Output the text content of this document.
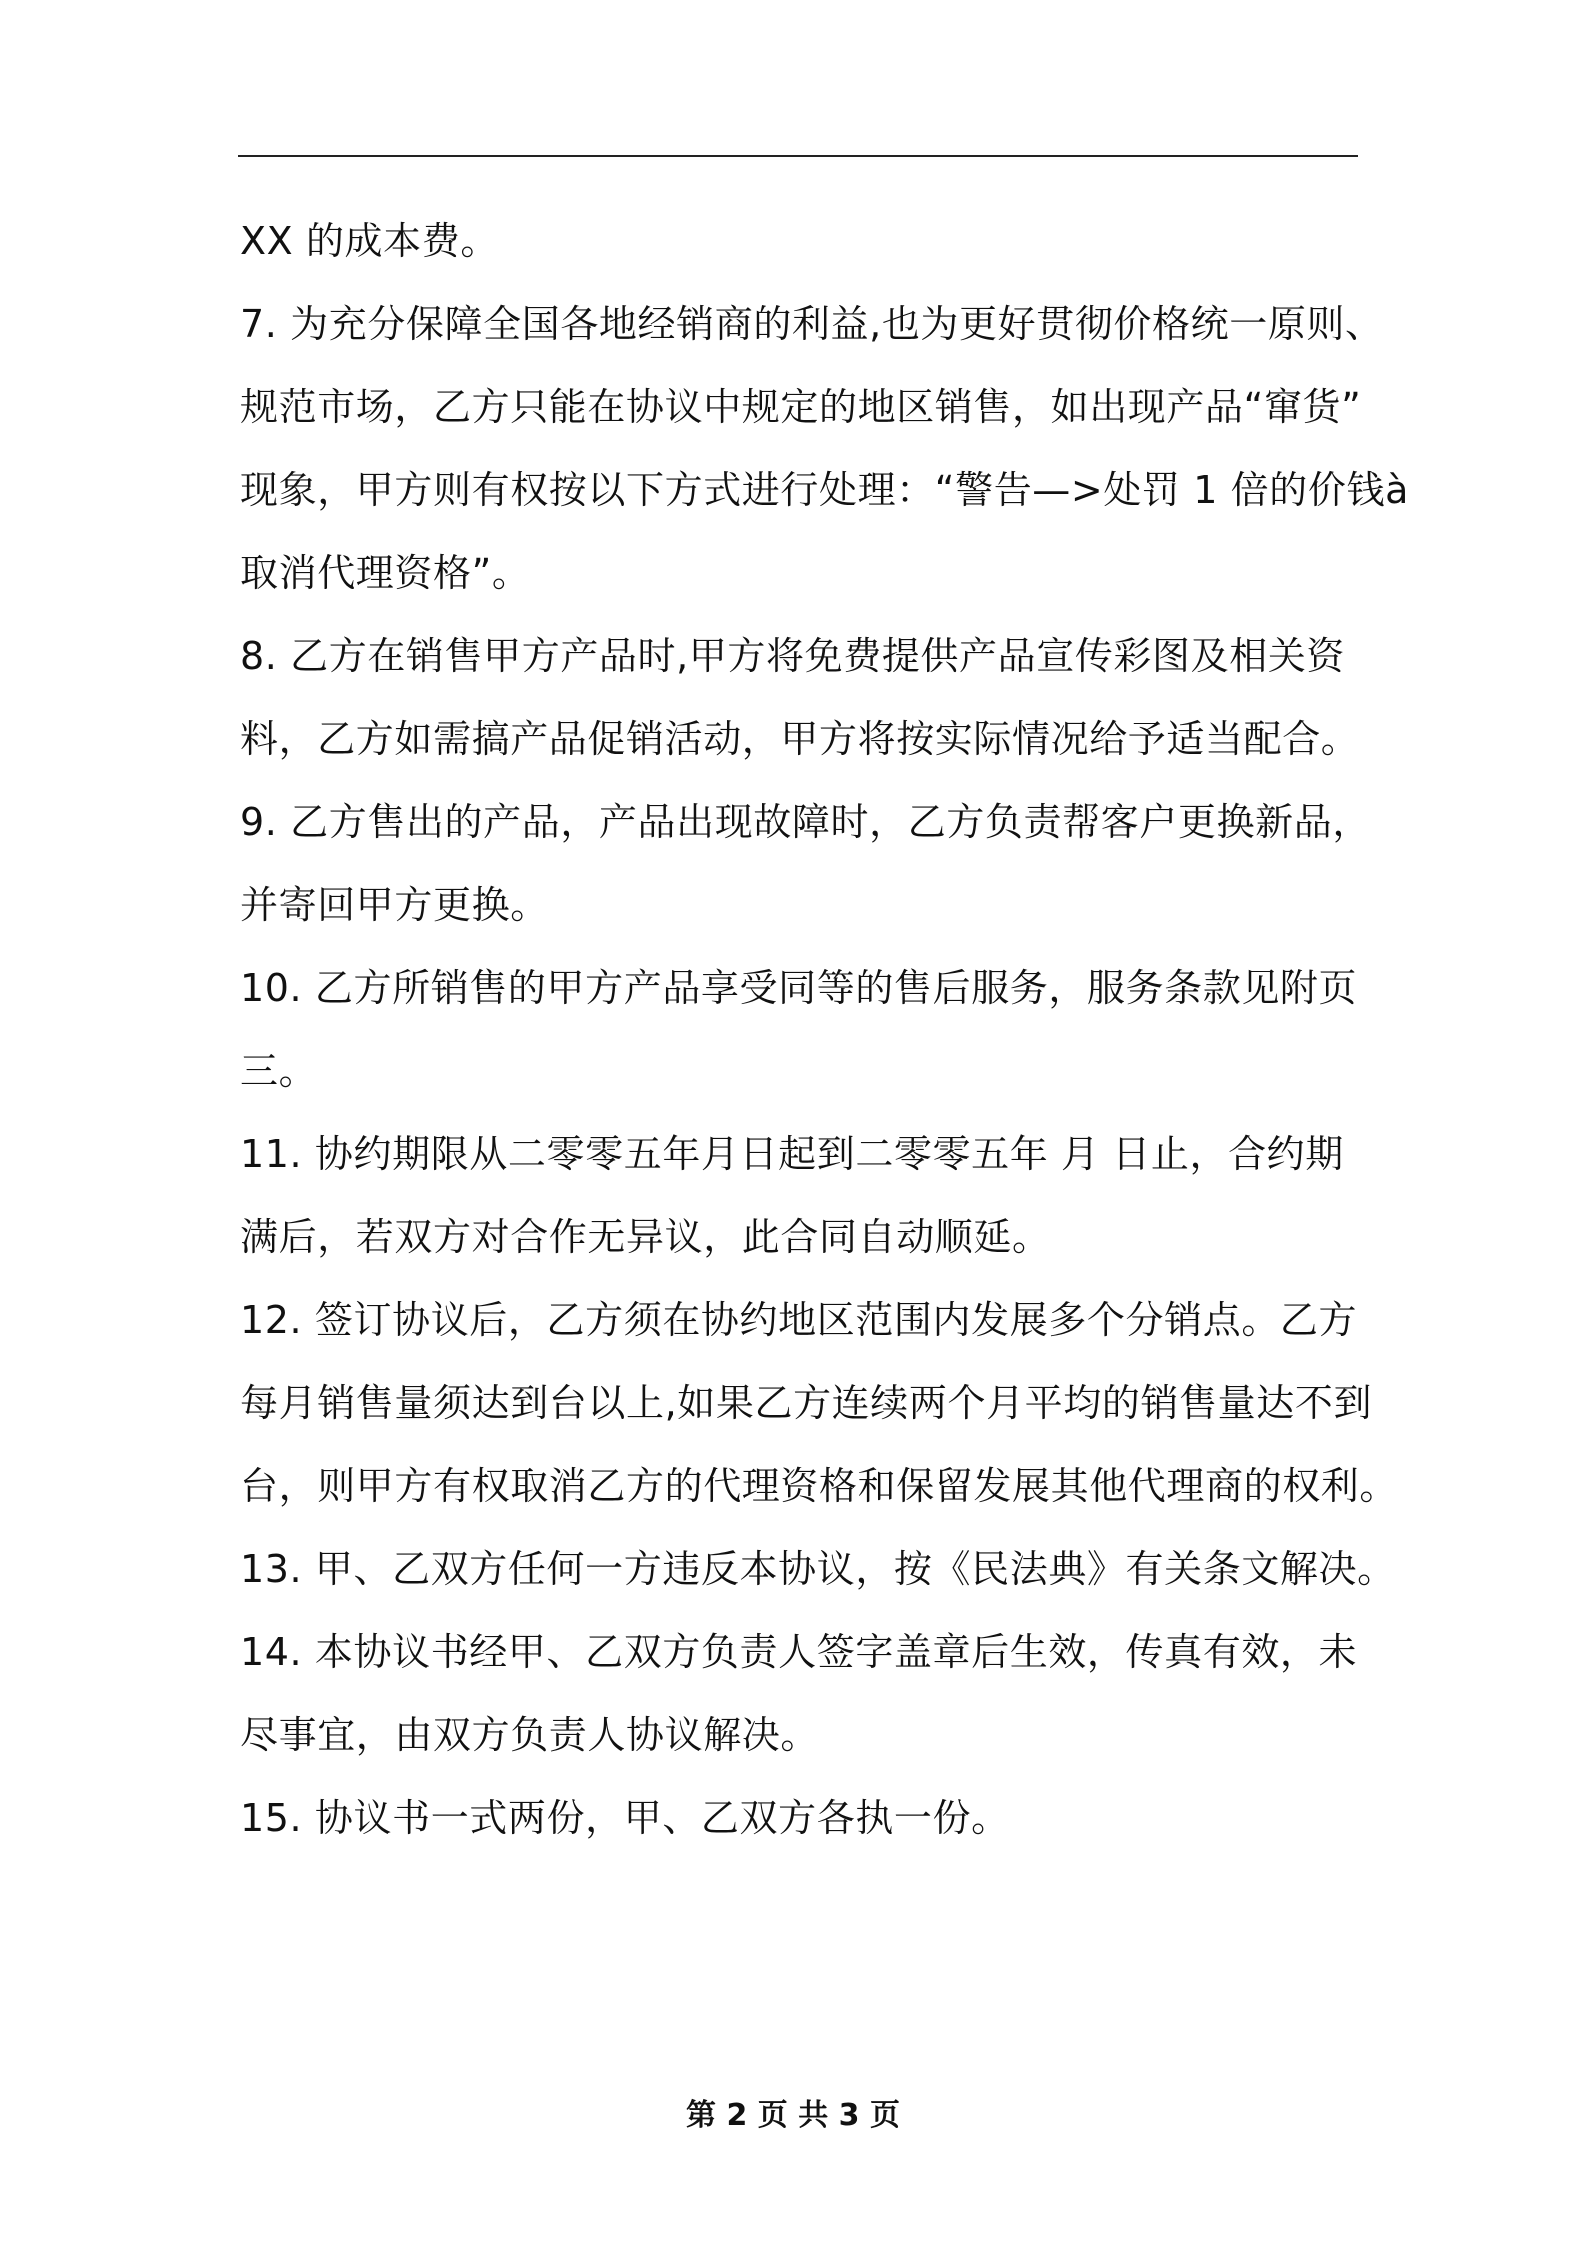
XX 的成本费。
7. 为充分保障全国各地经销商的利益,也为更好贯彻价格统一原则、
规范市场，乙方只能在协议中规定的地区销售，如出现产品“窜货”
现象，甲方则有权按以下方式进行处理：“警告—>处罚 1 倍的价钱à
取消代理资格”。
8. 乙方在销售甲方产品时,甲方将免费提供产品宣传彩图及相关资
料，乙方如需搞产品促销活动，甲方将按实际情况给予适当配合。
9. 乙方售出的产品，产品出现故障时，乙方负责帮客户更换新品，
并寄回甲方更换。
10. 乙方所销售的甲方产品享受同等的售后服务，服务条款见附页
三。
11. 协约期限从二零零五年月日起到二零零五年 月 日止，合约期
满后，若双方对合作无异议，此合同自动顺延。
12. 签订协议后，乙方须在协约地区范围内发展多个分销点。乙方
每月销售量须达到台以上,如果乙方连续两个月平均的销售量达不到
台，则甲方有权取消乙方的代理资格和保留发展其他代理商的权利。
13. 甲、乙双方任何一方违反本协议，按《民法典》有关条文解决。
14. 本协议书经甲、乙双方负责人签字盖章后生效，传真有效，未
尽事宜，由双方负责人协议解决。
15. 协议书一式两份，甲、乙双方各执一份。
第 2 页 共 3 页
